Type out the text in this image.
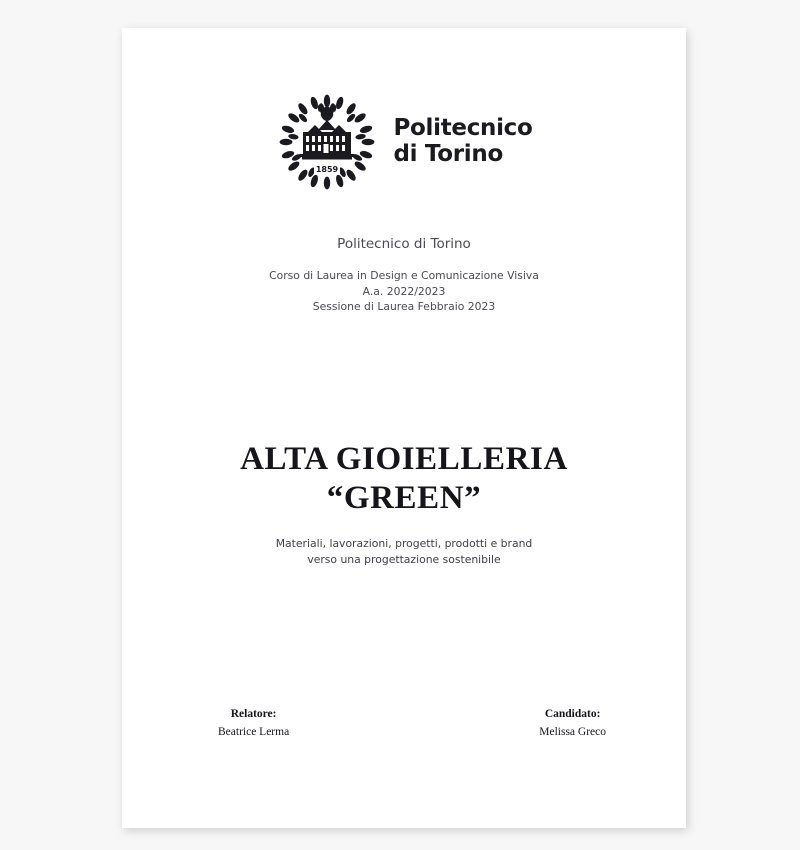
1859
Politecnico
di Torino
Politecnico di Torino
Corso di Laurea in Design e Comunicazione Visiva
A.a. 2022/2023
Sessione di Laurea Febbraio 2023
ALTA GIOIELLERIA
“GREEN”
Materiali, lavorazioni, progetti, prodotti e brand
verso una progettazione sostenibile
Relatore:
Beatrice Lerma
Candidato:
Melissa Greco
